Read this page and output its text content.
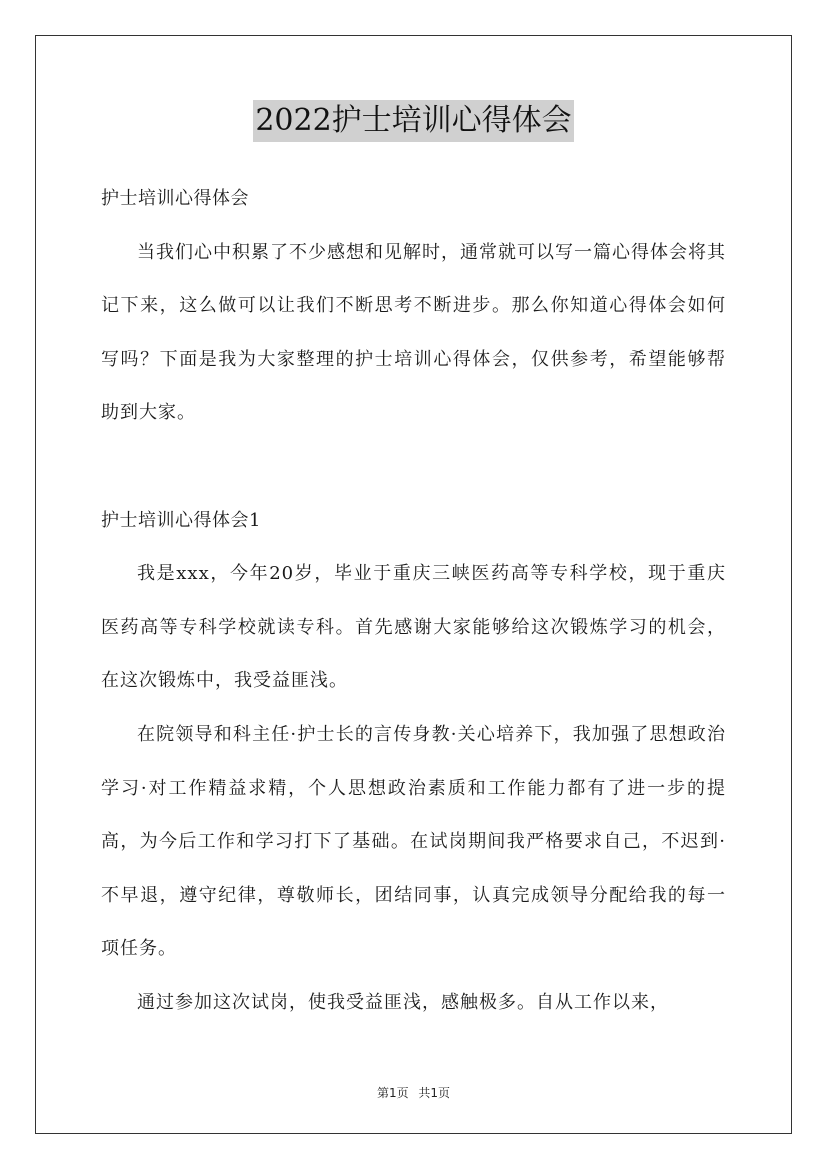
2022护士培训心得体会

护士培训心得体会

当我们心中积累了不少感想和见解时，通常就可以写一篇心得体会将其记下来，这么做可以让我们不断思考不断进步。那么你知道心得体会如何写吗？下面是我为大家整理的护士培训心得体会，仅供参考，希望能够帮助到大家。

护士培训心得体会1

我是xxx，今年20岁，毕业于重庆三峡医药高等专科学校，现于重庆医药高等专科学校就读专科。首先感谢大家能够给这次锻炼学习的机会，在这次锻炼中，我受益匪浅。

在院领导和科主任·护士长的言传身教·关心培养下，我加强了思想政治学习·对工作精益求精，个人思想政治素质和工作能力都有了进一步的提高，为今后工作和学习打下了基础。在试岗期间我严格要求自己，不迟到·不早退，遵守纪律，尊敬师长，团结同事，认真完成领导分配给我的每一项任务。

通过参加这次试岗，使我受益匪浅，感触极多。自从工作以来，

第1页 共1页
